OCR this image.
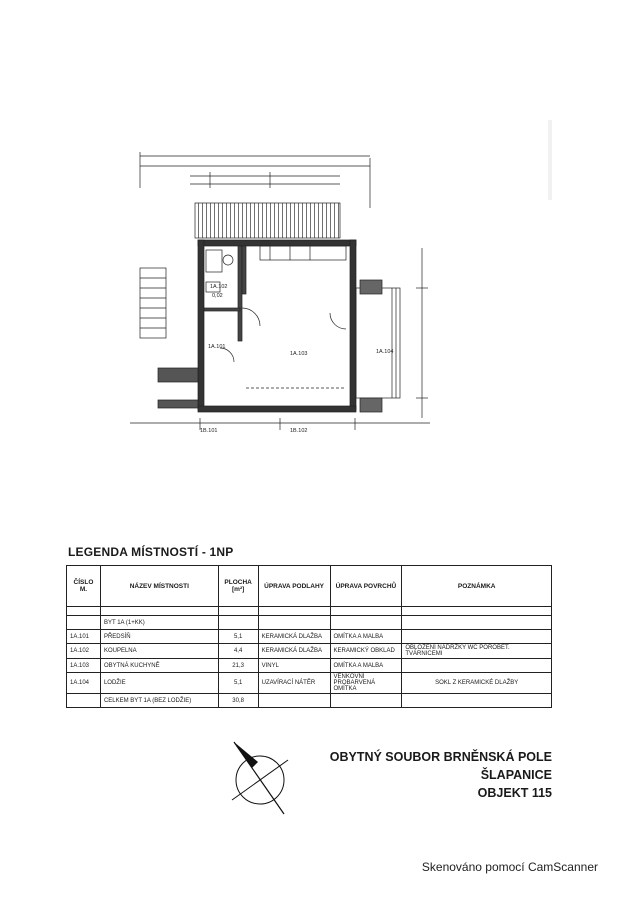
1A.102
0,02
1A.101
1A.103	1A.104
1B.101	1B.102
LEGENDA MÍSTNOSTÍ - 1NP
ČÍSLO M.	NÁZEV MÍSTNOSTI	PLOCHA [m²]	ÚPRAVA PODLAHY	ÚPRAVA POVRCHŮ	POZNÁMKA

	BYT 1A (1+KK)				
1A.101	PŘEDSÍŇ	5,1	KERAMICKÁ DLAŽBA	OMÍTKA A MALBA	
1A.102	KOUPELNA	4,4	KERAMICKÁ DLAŽBA	KERAMICKÝ OBKLAD	OBLOŽENÍ NÁDRŽKY WC POROBET. TVÁRNICEMI
1A.103	OBYTNÁ KUCHYNĚ	21,3	VINYL	OMÍTKA A MALBA	
1A.104	LODŽIE	5,1	UZAVÍRACÍ NÁTĚR	VENKOVNÍ PROBARVENÁ OMÍTKA	SOKL Z KERAMICKÉ DLAŽBY
	CELKEM BYT 1A (BEZ LODŽIE)	30,8			
OBYTNÝ SOUBOR BRNĚNSKÁ POLE
ŠLAPANICE
OBJEKT 115
Skenováno pomocí CamScanner
